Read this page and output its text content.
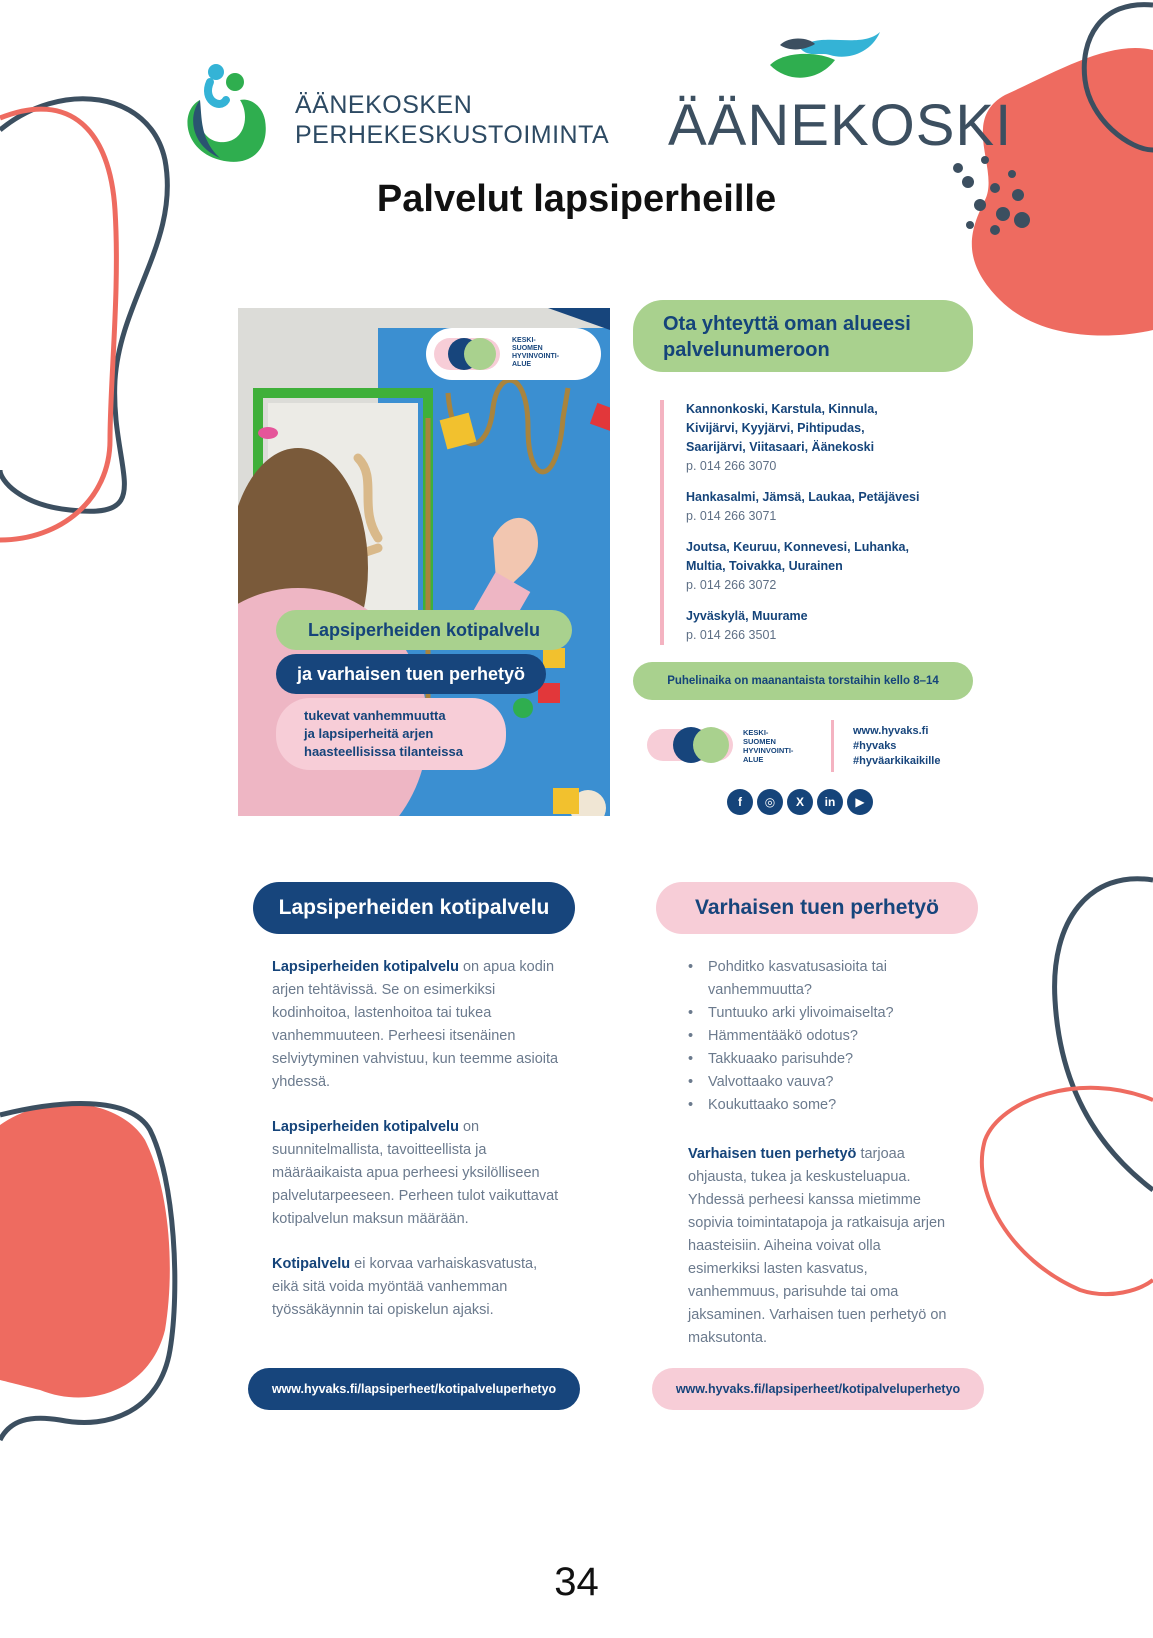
ÄÄNEKOSKEN
PERHEKESKUSTOIMINTA ÄÄNEKOSKI
Palvelut lapsiperheille
KESKI-
SUOMEN
HYVINVOINTI-
ALUE
Lapsiperheiden kotipalvelu
ja varhaisen tuen perhetyö
tukevat vanhemmuutta
ja lapsiperheitä arjen
haasteellisissa tilanteissa
Ota yhteyttä oman alueesi
palvelunumeroon
Kannonkoski, Karstula, Kinnula,
Kivijärvi, Kyyjärvi, Pihtipudas,
Saarijärvi, Viitasaari, Äänekoski
p. 014 266 3070
Hankasalmi, Jämsä, Laukaa, Petäjävesi
p. 014 266 3071
Joutsa, Keuruu, Konnevesi, Luhanka,
Multia, Toivakka, Uurainen
p. 014 266 3072
Jyväskylä, Muurame
p. 014 266 3501
Puhelinaika on maanantaista torstaihin kello 8–14
KESKI-
SUOMEN
HYVINVOINTI-
ALUE
www.hyvaks.fi
#hyvaks
#hyväarkikaikille
f ◎ X in ▶
Lapsiperheiden kotipalvelu

Lapsiperheiden kotipalvelu on apua kodin arjen tehtävissä. Se on esimerkiksi kodinhoitoa, lastenhoitoa tai tukea vanhemmuuteen. Perheesi itsenäinen selviytyminen vahvistuu, kun teemme asioita yhdessä.

Lapsiperheiden kotipalvelu on suunnitelmallista, tavoitteellista ja määräaikaista apua perheesi yksilölliseen palvelutarpeeseen. Perheen tulot vaikuttavat kotipalvelun maksun määrään.

Kotipalvelu ei korvaa varhaiskasvatusta, eikä sitä voida myöntää vanhemman työssäkäynnin tai opiskelun ajaksi.

www.hyvaks.fi/lapsiperheet/kotipalveluperhetyo
Varhaisen tuen perhetyö
• Pohditko kasvatusasioita tai vanhemmuutta?
• Tuntuuko arki ylivoimaiselta?
• Hämmentääkö odotus?
• Takkuaako parisuhde?
• Valvottaako vauva?
• Koukuttaako some?

Varhaisen tuen perhetyö tarjoaa ohjausta, tukea ja keskusteluapua. Yhdessä perheesi kanssa mietimme sopivia toimintatapoja ja ratkaisuja arjen haasteisiin. Aiheina voivat olla esimerkiksi lasten kasvatus, vanhemmuus, parisuhde tai oma jaksaminen. Varhaisen tuen perhetyö on maksutonta.

www.hyvaks.fi/lapsiperheet/kotipalveluperhetyo
34
